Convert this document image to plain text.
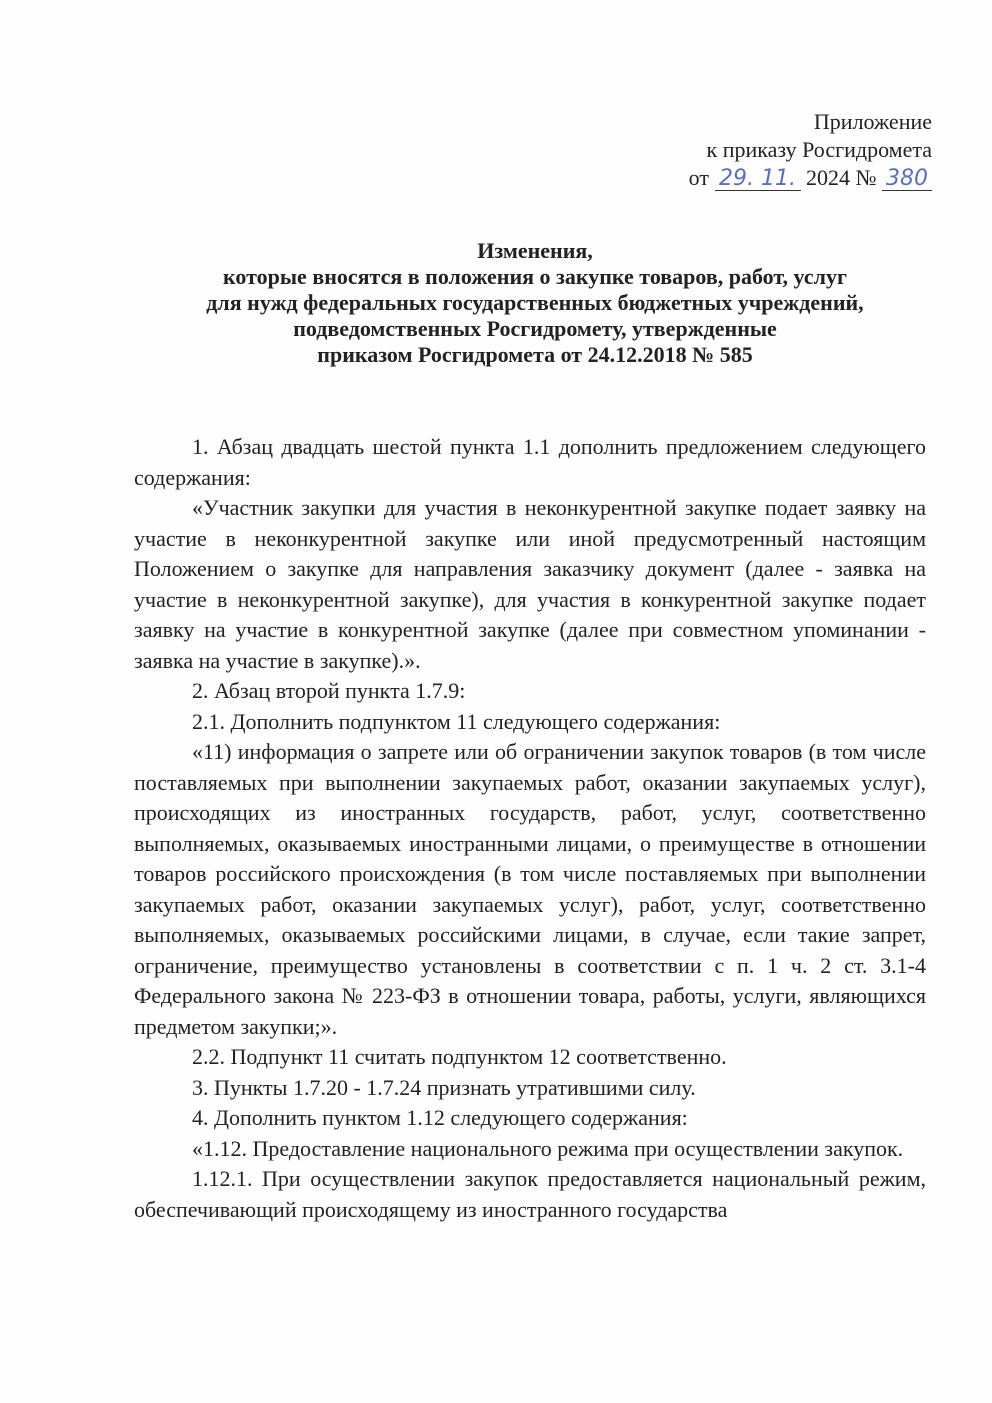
Приложение
к приказу Росгидромета
от 29. 11. 2024 № 380
Изменения,
которые вносятся в положения о закупке товаров, работ, услуг
для нужд федеральных государственных бюджетных учреждений,
подведомственных Росгидромету, утвержденные
приказом Росгидромета от 24.12.2018 № 585

1. Абзац двадцать шестой пункта 1.1 дополнить предложением следующего содержания:

«Участник закупки для участия в неконкурентной закупке подает заявку на участие в неконкурентной закупке или иной предусмотренный настоящим Положением о закупке для направления заказчику документ (далее - заявка на участие в неконкурентной закупке), для участия в конкурентной закупке подает заявку на участие в конкурентной закупке (далее при совместном упоминании - заявка на участие в закупке).».

2. Абзац второй пункта 1.7.9:

2.1. Дополнить подпунктом 11 следующего содержания:

«11) информация о запрете или об ограничении закупок товаров (в том числе поставляемых при выполнении закупаемых работ, оказании закупаемых услуг), происходящих из иностранных государств, работ, услуг, соответственно выполняемых, оказываемых иностранными лицами, о преимуществе в отношении товаров российского происхождения (в том числе поставляемых при выполнении закупаемых работ, оказании закупаемых услуг), работ, услуг, соответственно выполняемых, оказываемых российскими лицами, в случае, если такие запрет, ограничение, преимущество установлены в соответствии с п. 1 ч. 2 ст. 3.1-4 Федерального закона № 223-ФЗ в отношении товара, работы, услуги, являющихся предметом закупки;».

2.2. Подпункт 11 считать подпунктом 12 соответственно.

3. Пункты 1.7.20 - 1.7.24 признать утратившими силу.

4. Дополнить пунктом 1.12 следующего содержания:

«1.12. Предоставление национального режима при осуществлении закупок.

1.12.1. При осуществлении закупок предоставляется национальный режим, обеспечивающий происходящему из иностранного государства
